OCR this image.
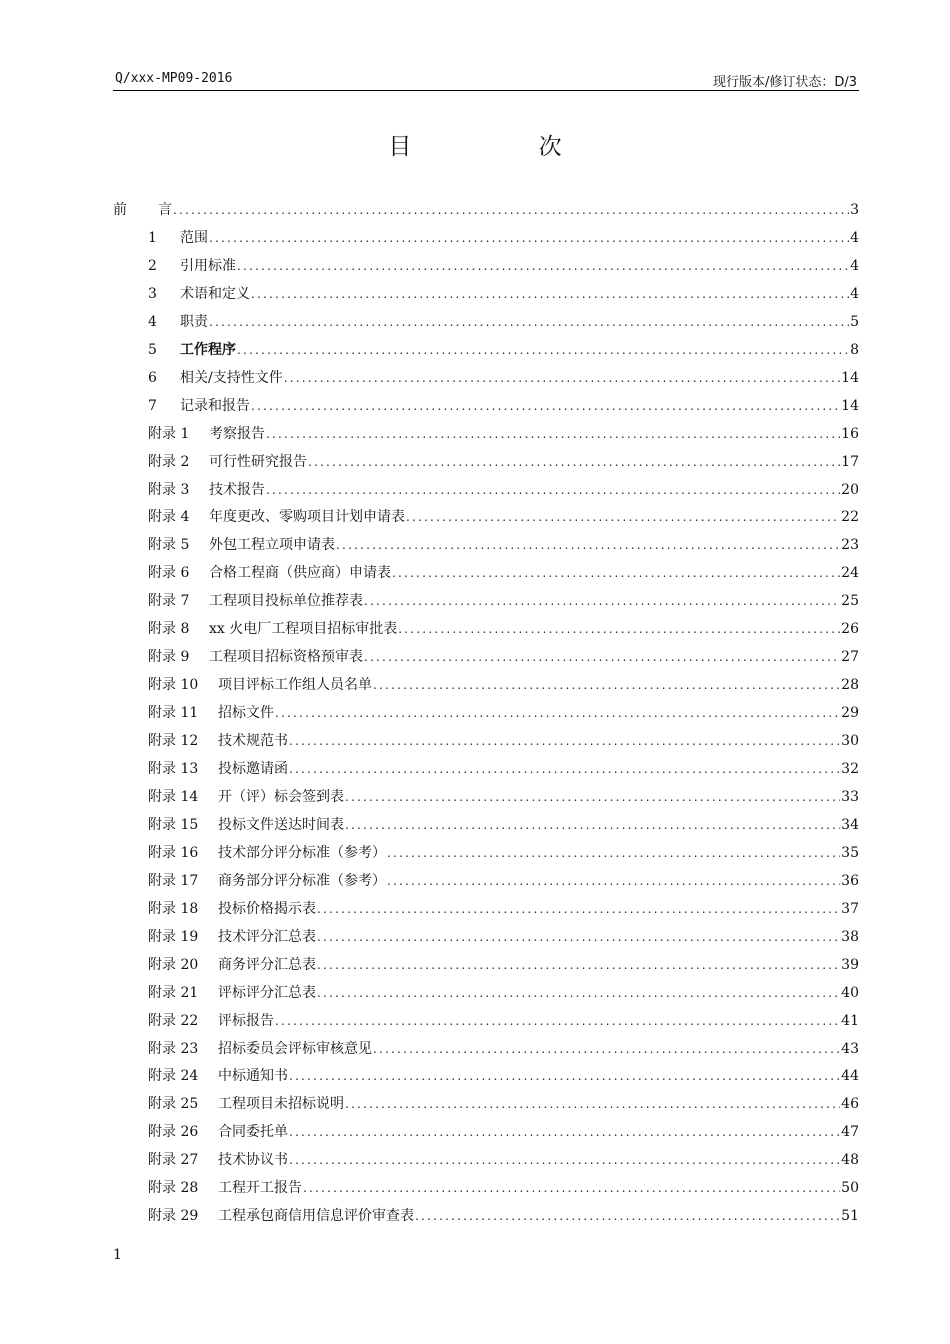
Q/xxx-MP09-2016	现行版本/修订状态：D/3
目 次
前	言 .....	3
1	范围 .....	4
2	引用标准 .....	4
3	术语和定义 .....	4
4	职责 .....	5
5	工作程序 .....	8
6	相关/支持性文件 .....	14
7	记录和报告 .....	14
附录 1	考察报告 .....	16
附录 2	可行性研究报告 .....	17
附录 3	技术报告 .....	20
附录 4	年度更改、零购项目计划申请表 .....	22
附录 5	外包工程立项申请表 .....	23
附录 6	合格工程商（供应商）申请表 .....	24
附录 7	工程项目投标单位推荐表 .....	25
附录 8	xx 火电厂工程项目招标审批表 .....	26
附录 9	工程项目招标资格预审表 .....	27
附录 10	项目评标工作组人员名单 .....	28
附录 11	招标文件 .....	29
附录 12	技术规范书 .....	30
附录 13	投标邀请函 .....	32
附录 14	开（评）标会签到表 .....	33
附录 15	投标文件送达时间表 .....	34
附录 16	技术部分评分标准（参考） .....	35
附录 17	商务部分评分标准（参考） .....	36
附录 18	投标价格揭示表 .....	37
附录 19	技术评分汇总表 .....	38
附录 20	商务评分汇总表 .....	39
附录 21	评标评分汇总表 .....	40
附录 22	评标报告 .....	41
附录 23	招标委员会评标审核意见 .....	43
附录 24	中标通知书 .....	44
附录 25	工程项目未招标说明 .....	46
附录 26	合同委托单 .....	47
附录 27	技术协议书 .....	48
附录 28	工程开工报告 .....	50
附录 29	工程承包商信用信息评价审查表 .....	51
1
